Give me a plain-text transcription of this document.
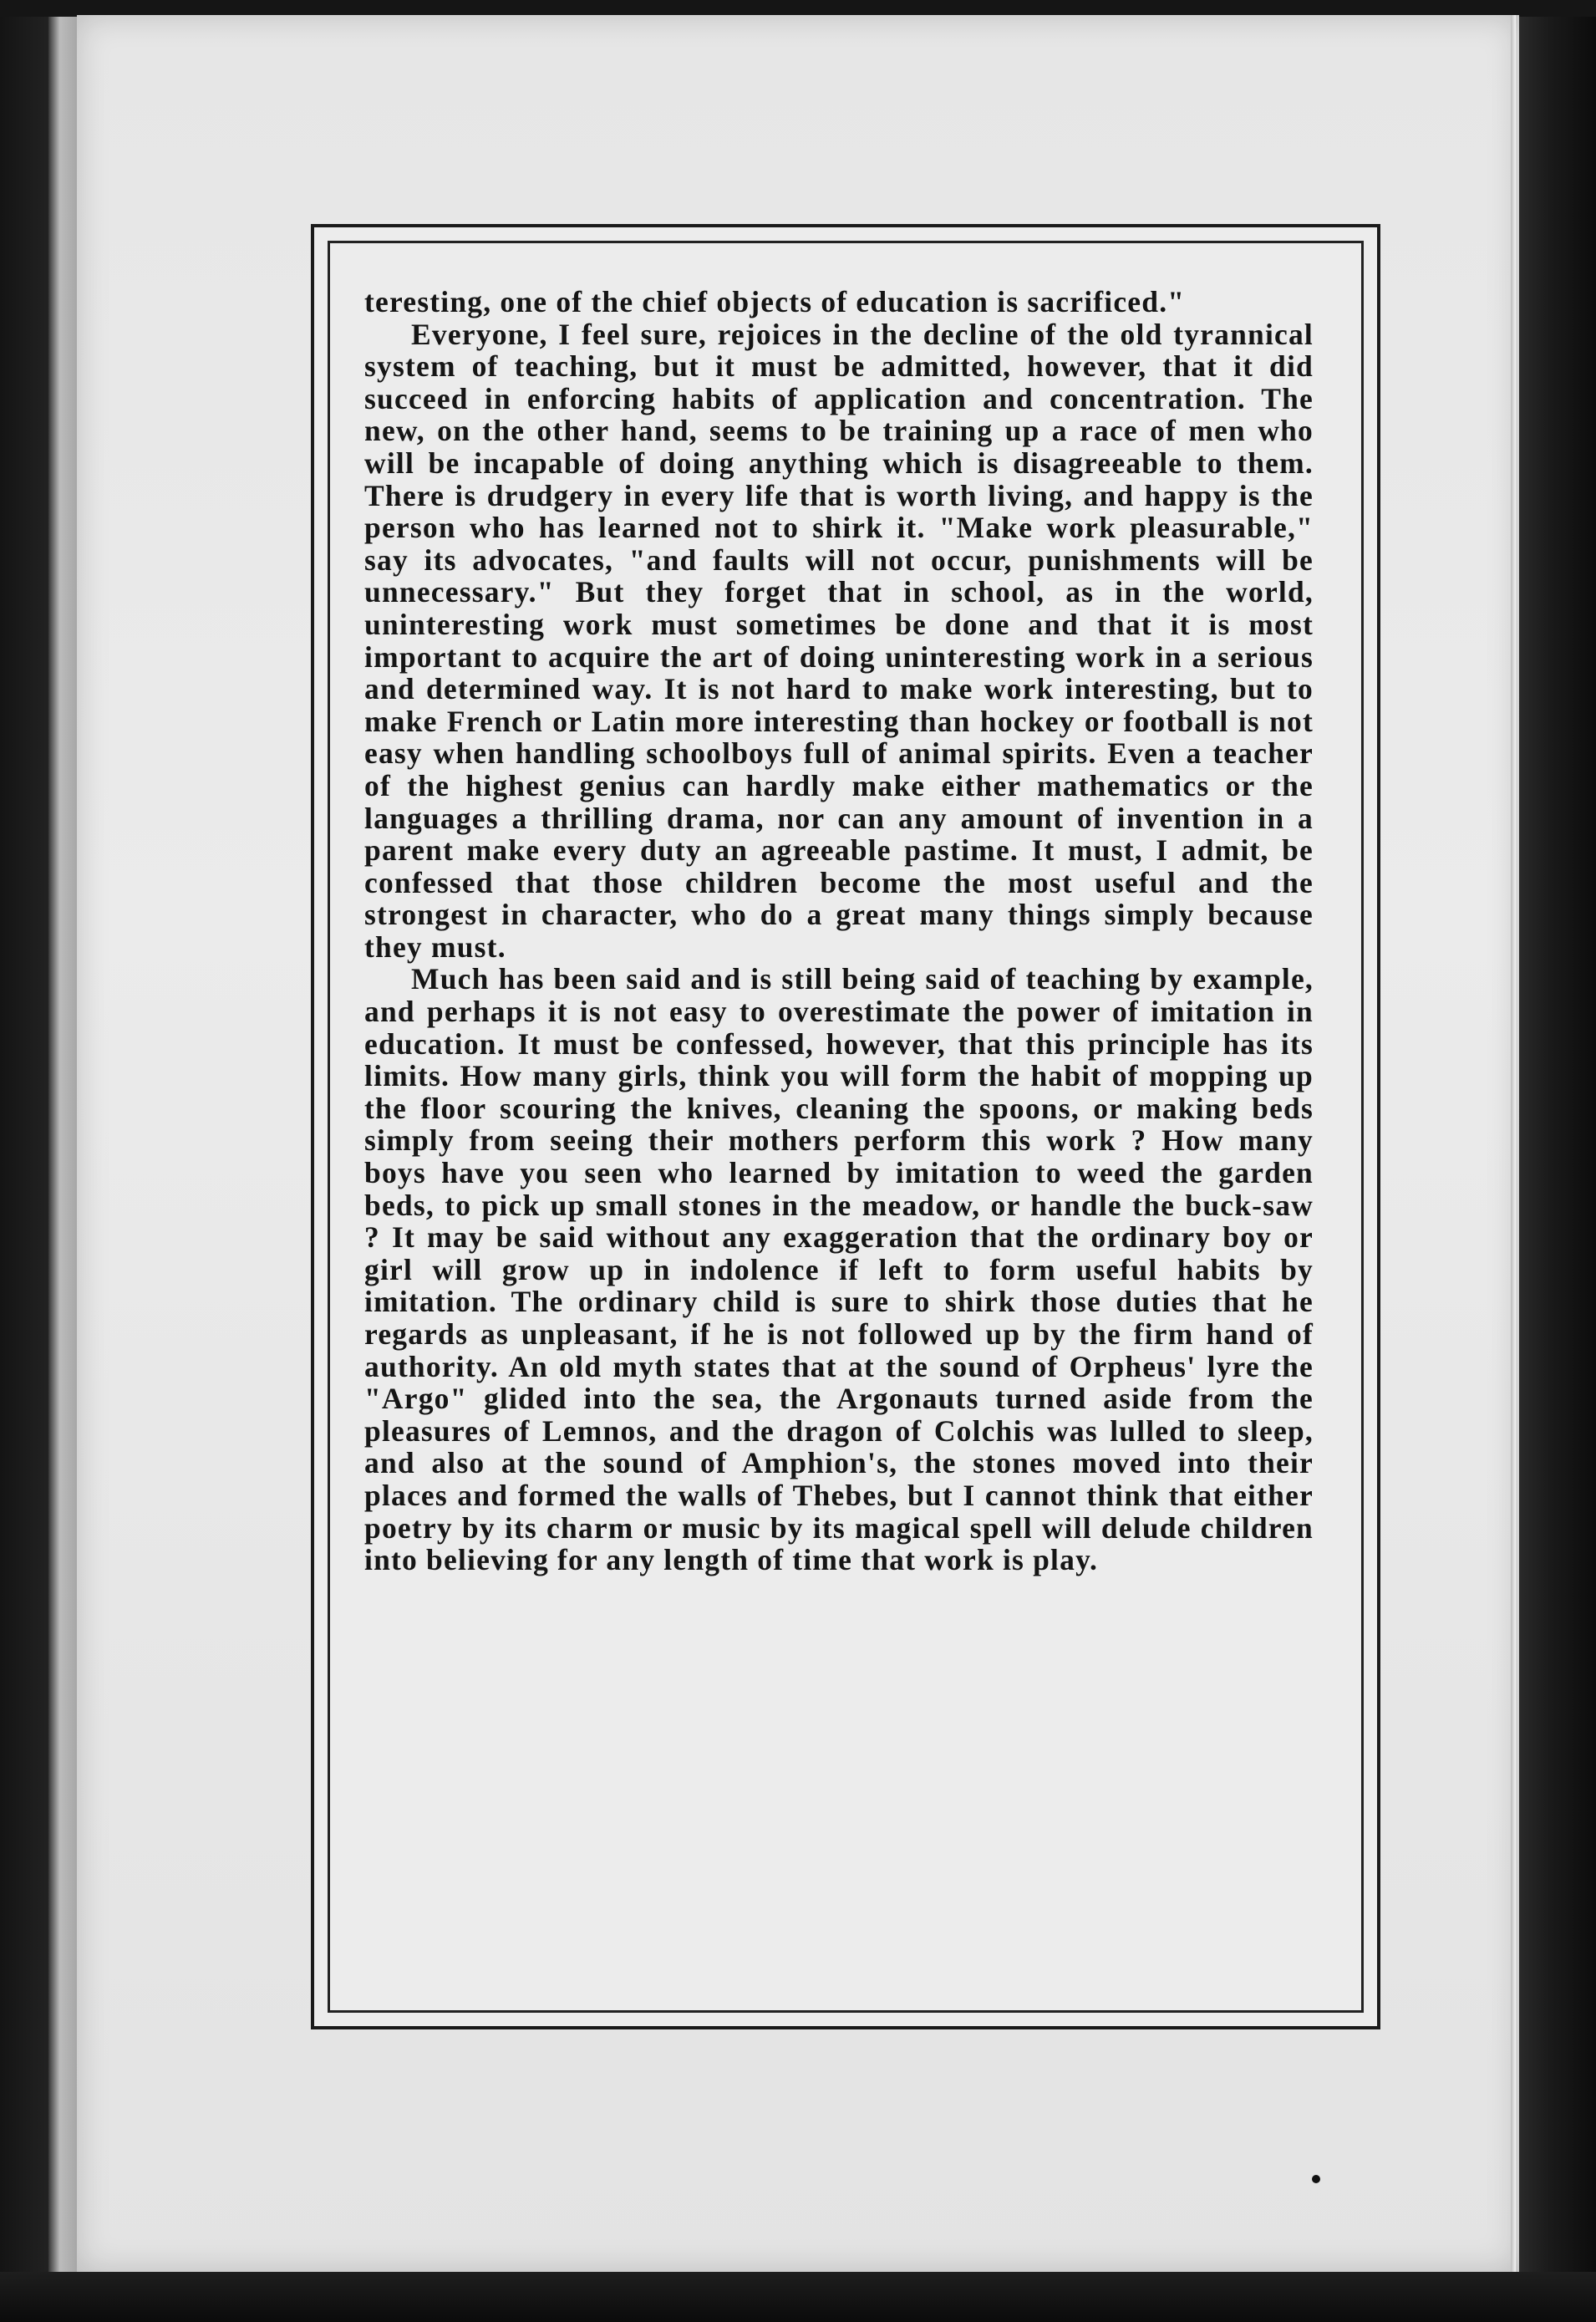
teresting, one of the chief objects of education is sacrificed."

Everyone, I feel sure, rejoices in the decline of the old tyrannical system of teaching, but it must be admitted, however, that it did succeed in enforcing habits of application and concentration. The new, on the other hand, seems to be training up a race of men who will be incapable of doing anything which is disagreeable to them. There is drudgery in every life that is worth living, and happy is the person who has learned not to shirk it. "Make work pleasurable," say its advocates, "and faults will not occur, punishments will be unnecessary." But they forget that in school, as in the world, uninteresting work must sometimes be done and that it is most important to acquire the art of doing uninteresting work in a serious and determined way. It is not hard to make work interesting, but to make French or Latin more interesting than hockey or football is not easy when handling schoolboys full of animal spirits. Even a teacher of the highest genius can hardly make either mathematics or the languages a thrilling drama, nor can any amount of invention in a parent make every duty an agreeable pastime. It must, I admit, be confessed that those children become the most useful and the strongest in character, who do a great many things simply because they must.

Much has been said and is still being said of teaching by example, and perhaps it is not easy to overestimate the power of imitation in education. It must be confessed, however, that this principle has its limits. How many girls, think you will form the habit of mopping up the floor scouring the knives, cleaning the spoons, or making beds simply from seeing their mothers perform this work ? How many boys have you seen who learned by imitation to weed the garden beds, to pick up small stones in the meadow, or handle the buck-saw ? It may be said without any exaggeration that the ordinary boy or girl will grow up in indolence if left to form useful habits by imitation. The ordinary child is sure to shirk those duties that he regards as unpleasant, if he is not followed up by the firm hand of authority. An old myth states that at the sound of Orpheus' lyre the "Argo" glided into the sea, the Argonauts turned aside from the pleasures of Lemnos, and the dragon of Colchis was lulled to sleep, and also at the sound of Amphion's, the stones moved into their places and formed the walls of Thebes, but I cannot think that either poetry by its charm or music by its magical spell will delude children into believing for any length of time that work is play.
